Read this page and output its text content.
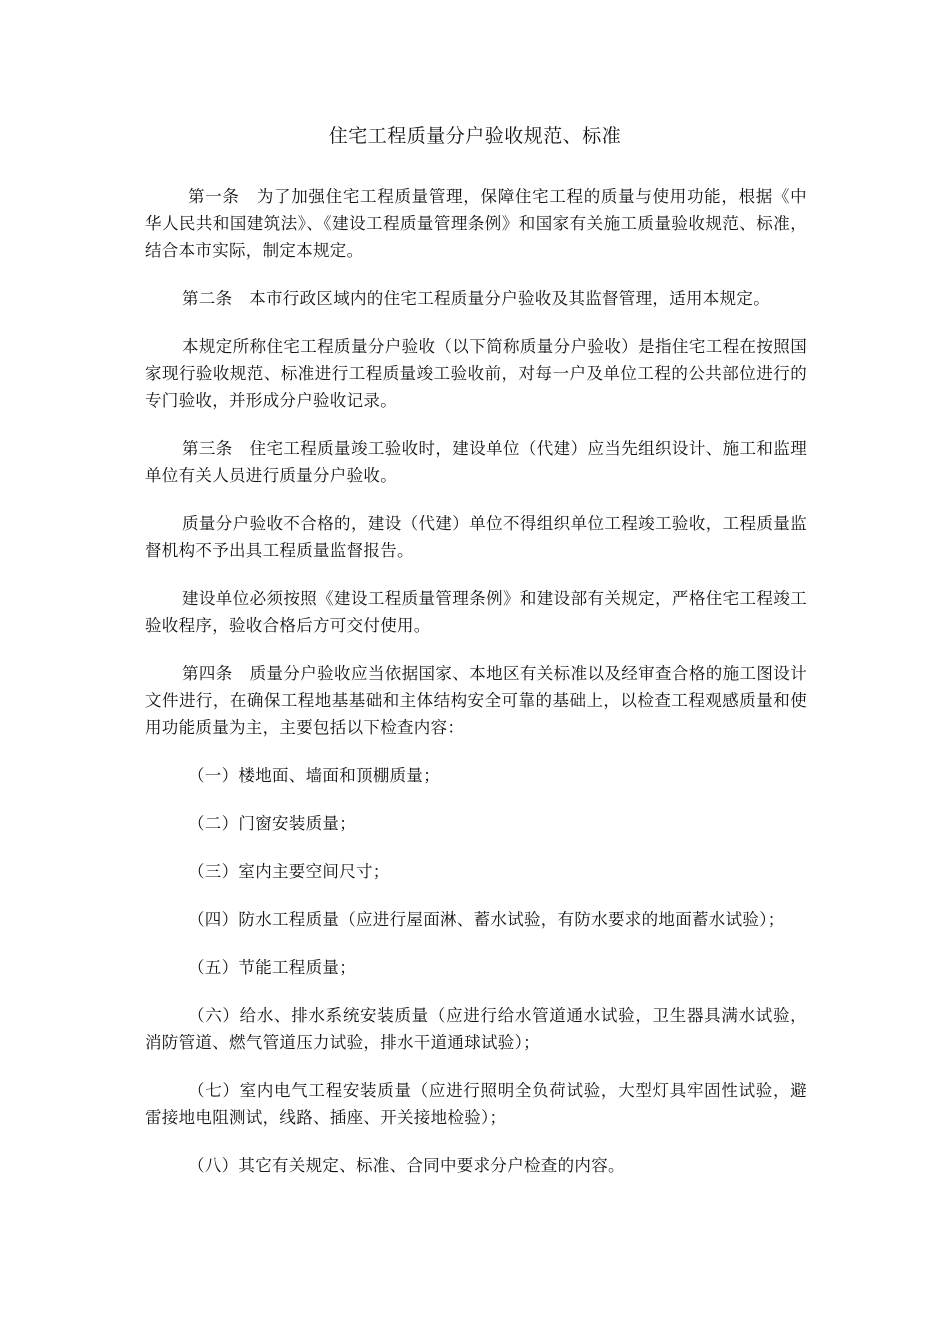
住宅工程质量分户验收规范、标准

第一条　为了加强住宅工程质量管理，保障住宅工程的质量与使用功能，根据《中华人民共和国建筑法》、《建设工程质量管理条例》和国家有关施工质量验收规范、标准，结合本市实际，制定本规定。

第二条　本市行政区域内的住宅工程质量分户验收及其监督管理，适用本规定。

本规定所称住宅工程质量分户验收（以下简称质量分户验收）是指住宅工程在按照国家现行验收规范、标准进行工程质量竣工验收前，对每一户及单位工程的公共部位进行的专门验收，并形成分户验收记录。

第三条　住宅工程质量竣工验收时，建设单位（代建）应当先组织设计、施工和监理单位有关人员进行质量分户验收。

质量分户验收不合格的，建设（代建）单位不得组织单位工程竣工验收，工程质量监督机构不予出具工程质量监督报告。

建设单位必须按照《建设工程质量管理条例》和建设部有关规定，严格住宅工程竣工验收程序，验收合格后方可交付使用。

第四条　质量分户验收应当依据国家、本地区有关标准以及经审查合格的施工图设计文件进行，在确保工程地基基础和主体结构安全可靠的基础上，以检查工程观感质量和使用功能质量为主，主要包括以下检查内容：

（一）楼地面、墙面和顶棚质量；

（二）门窗安装质量；

（三）室内主要空间尺寸；

（四）防水工程质量（应进行屋面淋、蓄水试验，有防水要求的地面蓄水试验）；

（五）节能工程质量；

（六）给水、排水系统安装质量（应进行给水管道通水试验，卫生器具满水试验，消防管道、燃气管道压力试验，排水干道通球试验）；

（七）室内电气工程安装质量（应进行照明全负荷试验，大型灯具牢固性试验，避雷接地电阻测试，线路、插座、开关接地检验）；

（八）其它有关规定、标准、合同中要求分户检查的内容。
